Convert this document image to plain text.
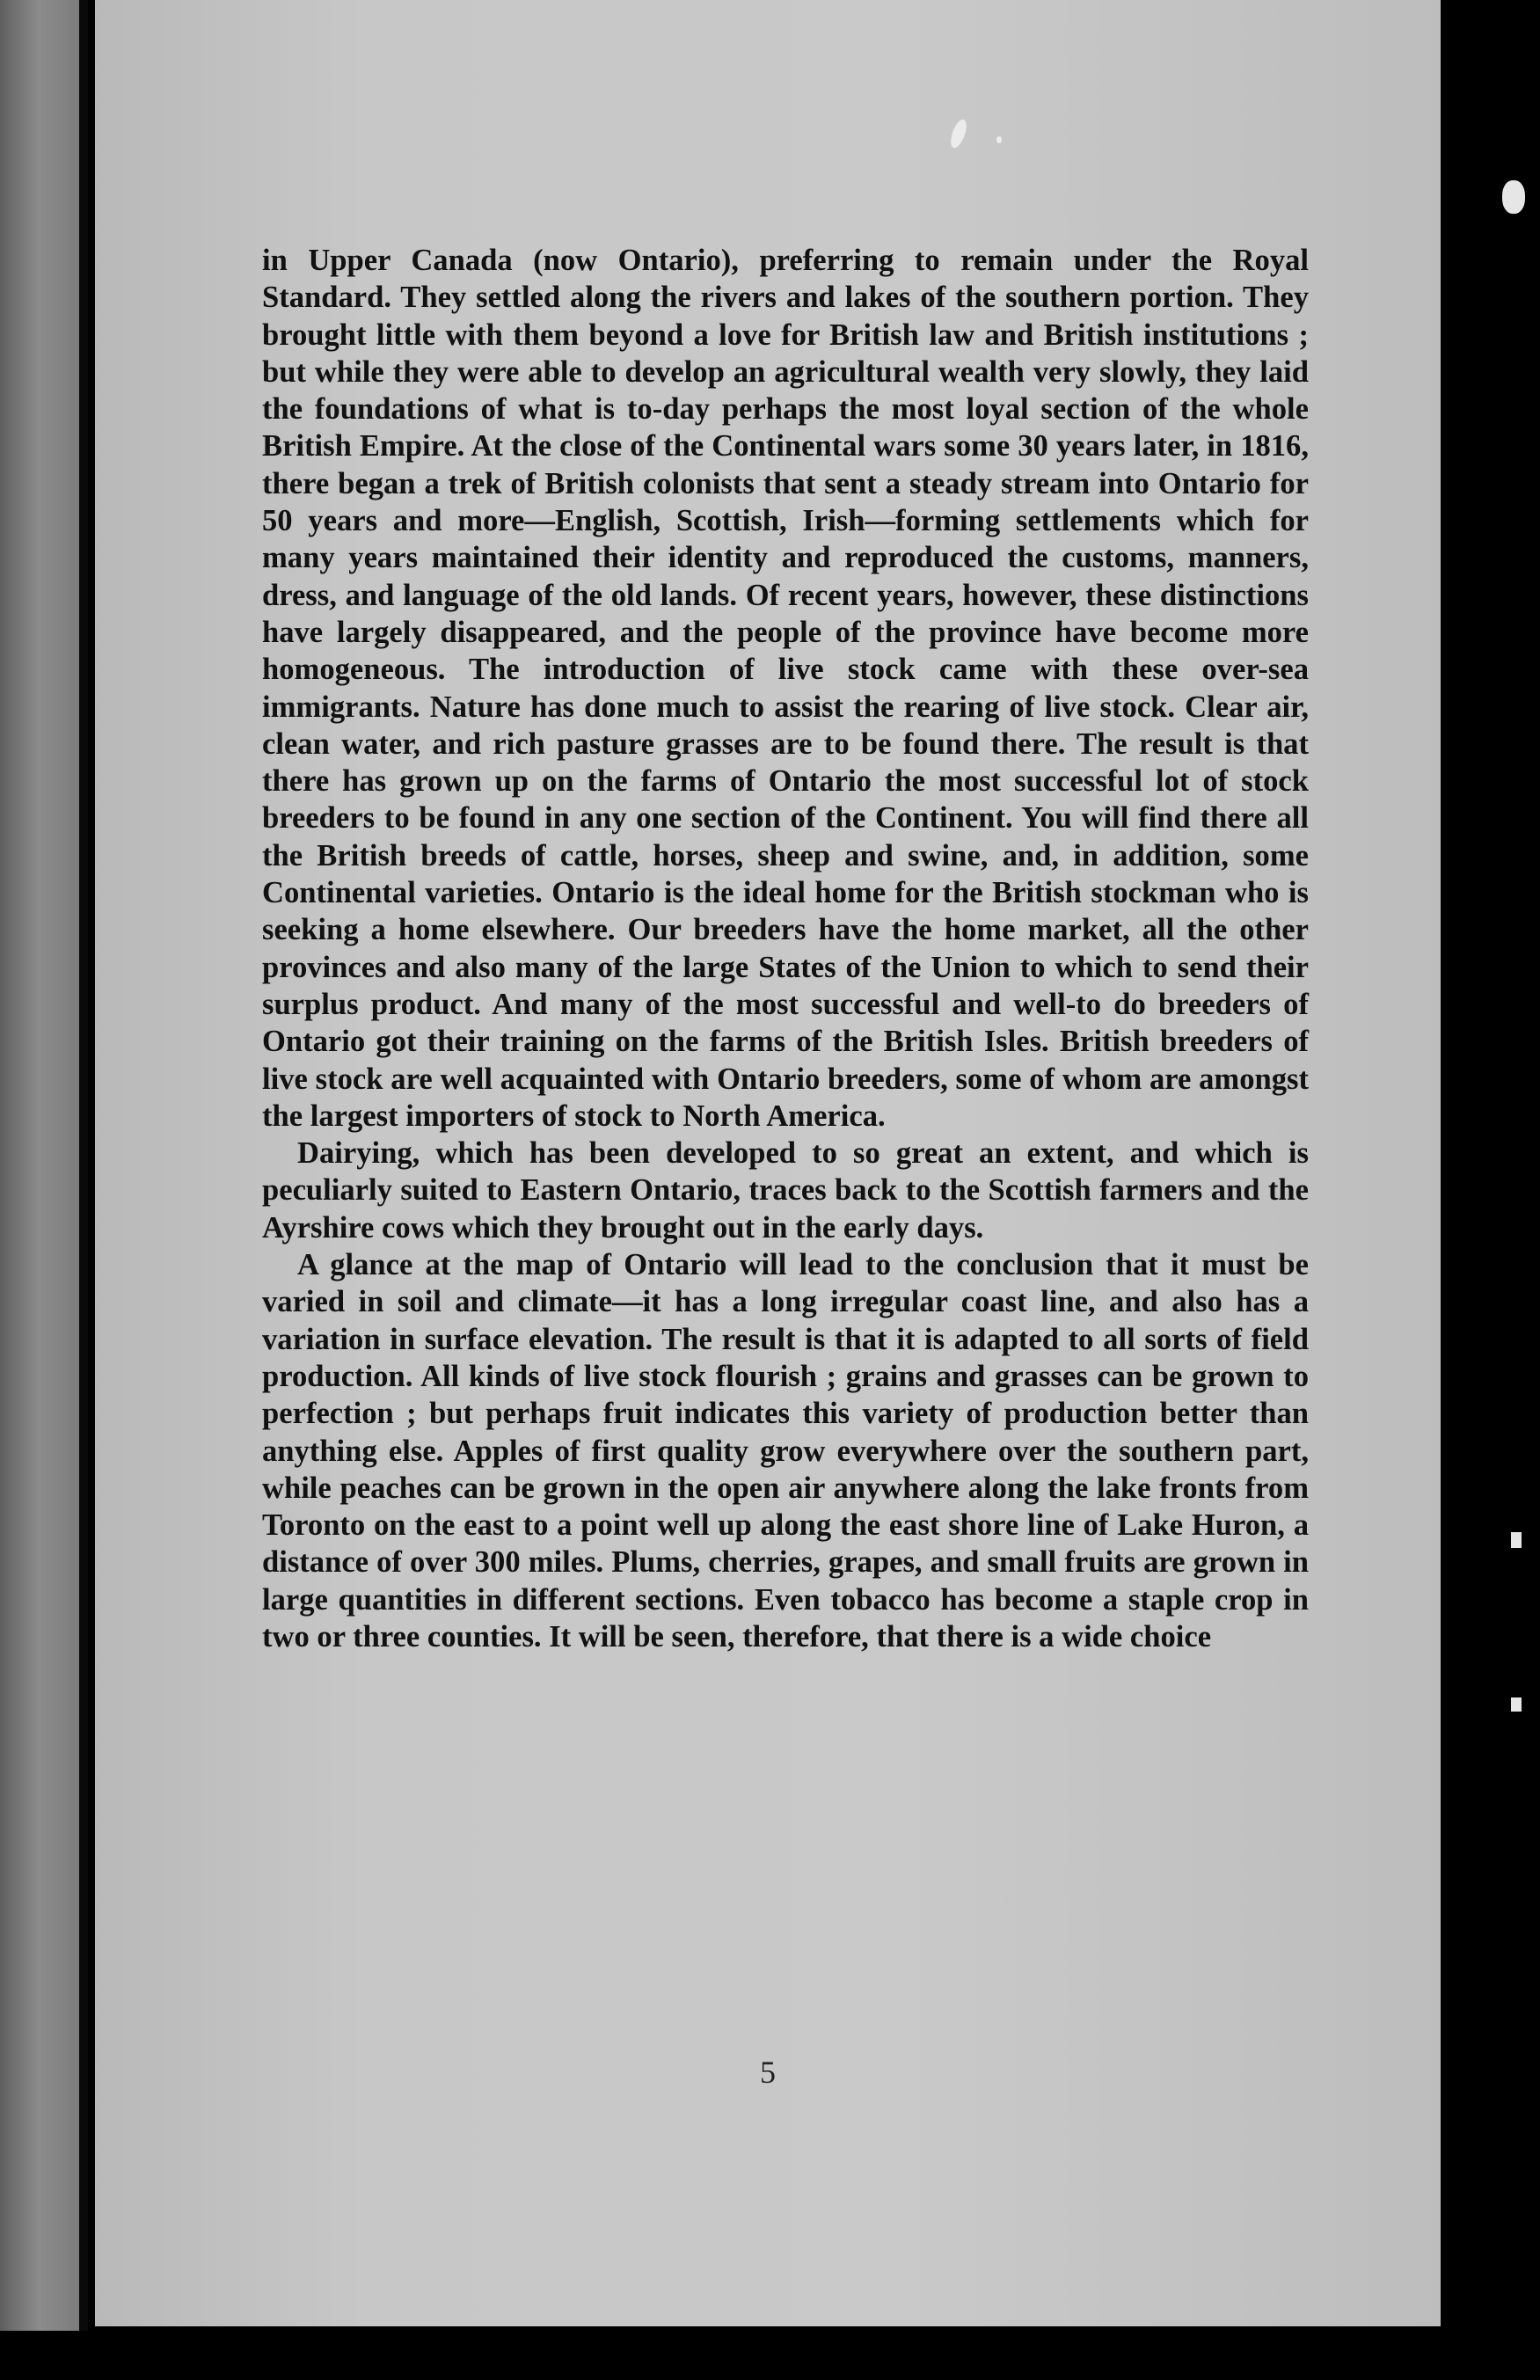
in Upper Canada (now Ontario), preferring to remain under the Royal Standard. They settled along the rivers and lakes of the southern portion. They brought little with them beyond a love for British law and British institutions ; but while they were able to develop an agricultural wealth very slowly, they laid the foundations of what is to-day perhaps the most loyal section of the whole British Empire. At the close of the Continental wars some 30 years later, in 1816, there began a trek of British colonists that sent a steady stream into Ontario for 50 years and more—English, Scottish, Irish—forming settlements which for many years maintained their identity and reproduced the customs, manners, dress, and language of the old lands. Of recent years, however, these distinctions have largely disappeared, and the people of the province have become more homogeneous. The introduction of live stock came with these over-sea immigrants. Nature has done much to assist the rearing of live stock. Clear air, clean water, and rich pasture grasses are to be found there. The result is that there has grown up on the farms of Ontario the most successful lot of stock breeders to be found in any one section of the Continent. You will find there all the British breeds of cattle, horses, sheep and swine, and, in addition, some Continental varieties. Ontario is the ideal home for the British stockman who is seeking a home elsewhere. Our breeders have the home market, all the other provinces and also many of the large States of the Union to which to send their surplus product. And many of the most successful and well-to do breeders of Ontario got their training on the farms of the British Isles. British breeders of live stock are well acquainted with Ontario breeders, some of whom are amongst the largest importers of stock to North America.

Dairying, which has been developed to so great an extent, and which is peculiarly suited to Eastern Ontario, traces back to the Scottish farmers and the Ayrshire cows which they brought out in the early days.

A glance at the map of Ontario will lead to the conclusion that it must be varied in soil and climate—it has a long irregular coast line, and also has a variation in surface elevation. The result is that it is adapted to all sorts of field production. All kinds of live stock flourish ; grains and grasses can be grown to perfection ; but perhaps fruit indicates this variety of production better than anything else. Apples of first quality grow everywhere over the southern part, while peaches can be grown in the open air anywhere along the lake fronts from Toronto on the east to a point well up along the east shore line of Lake Huron, a distance of over 300 miles. Plums, cherries, grapes, and small fruits are grown in large quantities in different sections. Even tobacco has become a staple crop in two or three counties. It will be seen, therefore, that there is a wide choice

5
